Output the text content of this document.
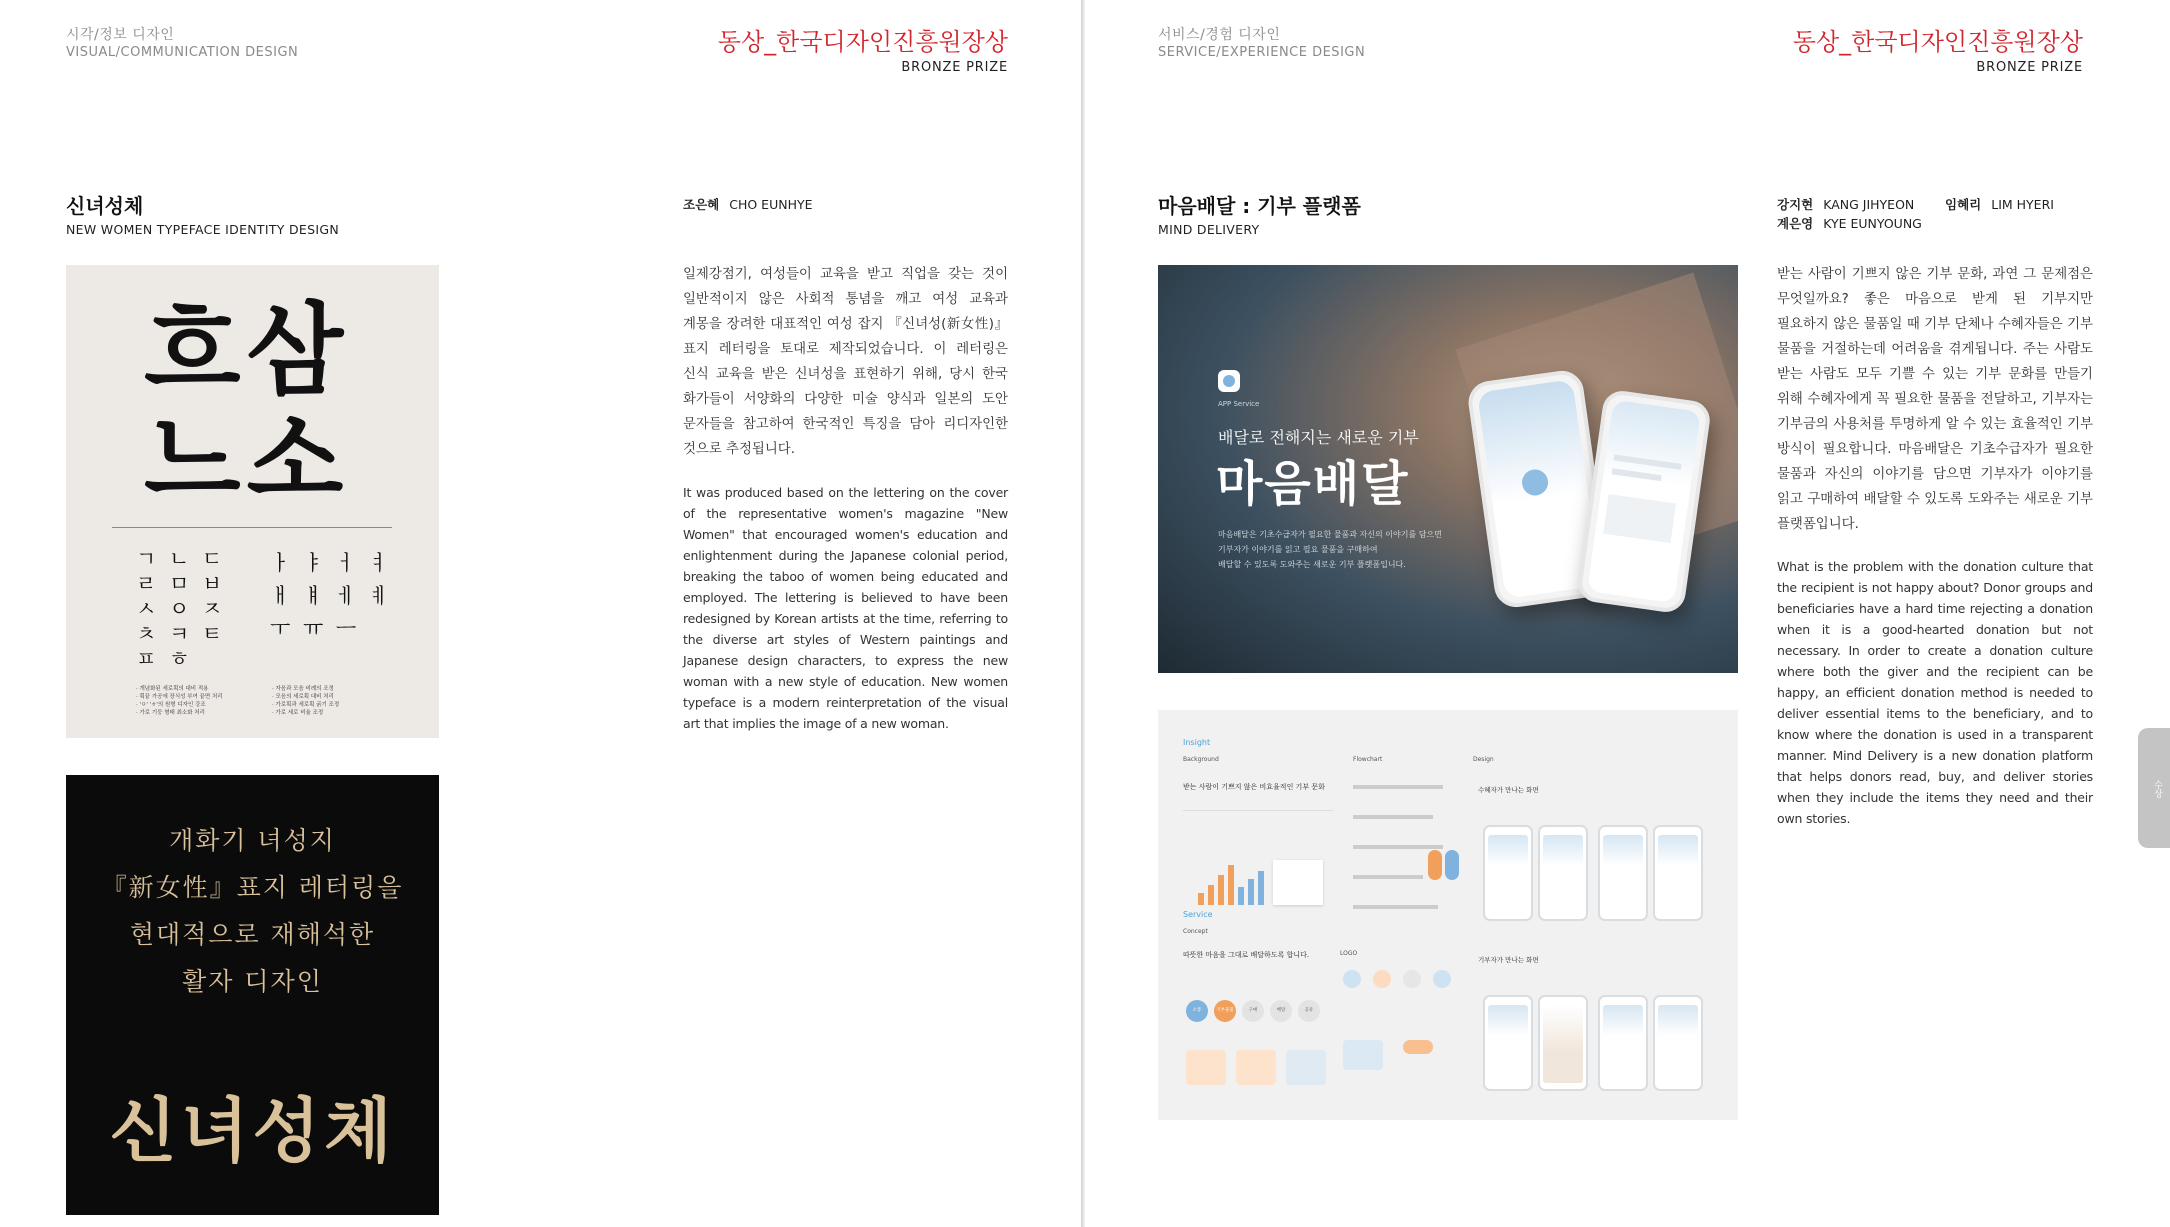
시각/정보 디자인
VISUAL/COMMUNICATION DESIGN	동상_한국디자인진흥원장상
BRONZE PRIZE
신녀성체
NEW WOMEN TYPEFACE IDENTITY DESIGN
조은혜 CHO EUNHYE
일제강점기, 여성들이 교육을 받고 직업을 갖는 것이 일반적이지 않은 사회적 통념을 깨고 여성 교육과 계몽을 장려한 대표적인 여성 잡지 『신녀성(新女性)』 표지 레터링을 토대로 제작되었습니다. 이 레터링은 신식 교육을 받은 신녀성을 표현하기 위해, 당시 한국 화가들이 서양화의 다양한 미술 양식과 일본의 도안 문자들을 참고하여 한국적인 특징을 담아 리디자인한 것으로 추정됩니다.
It was produced based on the lettering on the cover of the representative women's magazine "New Women" that encouraged women's education and enlightenment during the Japanese colonial period, breaking the taboo of women being educated and employed. The lettering is believed to have been redesigned by Korean artists at the time, referring to the diverse art styles of Western paintings and Japanese design characters, to express the new woman with a new style of education. New women typeface is a modern reinterpretation of the visual art that implies the image of a new woman.
흐삼
느소
ㄱ ㄴ ㄷ
ㄹ ㅁ ㅂ
ㅅ ㅇ ㅈ
ㅊ ㅋ ㅌ
ㅍ ㅎ
ㅏ ㅑ ㅓ ㅕ
ㅐ ㅒ ㅔ ㅖ
ㅜ ㅠ ㅡ
· 개념화된 세로획의 대비 적용
· 획끝 가공에 장식성 부여 끝면 처리
· 'ㅇ' 'ㅎ'의 원형 디자인 강조
· 가로 기둥 형태 최소화 처리
· 자음과 모음 비례의 조정
· 모음의 세로획 대비 처리
· 가로획과 세로획 굵기 조정
· 가로 세로 비율 조정
개화기 녀성지
『新女性』표지 레터링을
현대적으로 재해석한
활자 디자인
신녀성체
서비스/경험 디자인
SERVICE/EXPERIENCE DESIGN	동상_한국디자인진흥원장상
BRONZE PRIZE
마음배달 : 기부 플랫폼
MIND DELIVERY
강지현 KANG JIHYEON 임혜리 LIM HYERI
계은영 KYE EUNYOUNG
받는 사람이 기쁘지 않은 기부 문화, 과연 그 문제점은 무엇일까요? 좋은 마음으로 받게 된 기부지만 필요하지 않은 물품일 때 기부 단체나 수혜자들은 기부 물품을 거절하는데 어려움을 겪게됩니다. 주는 사람도 받는 사람도 모두 기쁠 수 있는 기부 문화를 만들기 위해 수혜자에게 꼭 필요한 물품을 전달하고, 기부자는 기부금의 사용처를 투명하게 알 수 있는 효율적인 기부 방식이 필요합니다. 마음배달은 기초수급자가 필요한 물품과 자신의 이야기를 담으면 기부자가 이야기를 읽고 구매하여 배달할 수 있도록 도와주는 새로운 기부 플랫폼입니다.
What is the problem with the donation culture that the recipient is not happy about? Donor groups and beneficiaries have a hard time rejecting a donation when it is a good-hearted donation but not necessary. In order to create a donation culture where both the giver and the recipient can be happy, an efficient donation method is needed to deliver essential items to the beneficiary, and to know where the donation is used in a transparent manner. Mind Delivery is a new donation platform that helps donors read, buy, and deliver stories when they include the items they need and their own stories.
APP Service
배달로 전해지는 새로운 기부
마음배달
마음배달은 기초수급자가 필요한 물품과 자신의 이야기를 담으면
기부자가 이야기를 읽고 필요 물품을 구매하여
배달할 수 있도록 도와주는 새로운 기부 플랫폼입니다.
Insight
Background	Flowchart	Design
받는 사람이 기쁘지 않은 비효율적인 기부 문화	수혜자가 만나는 화면
Service
Concept
따뜻한 마음을 그대로 배달하도록 합니다.	LOGO
소통	기부물품	구매	배달	공유
기부자가 만나는 화면
수상
